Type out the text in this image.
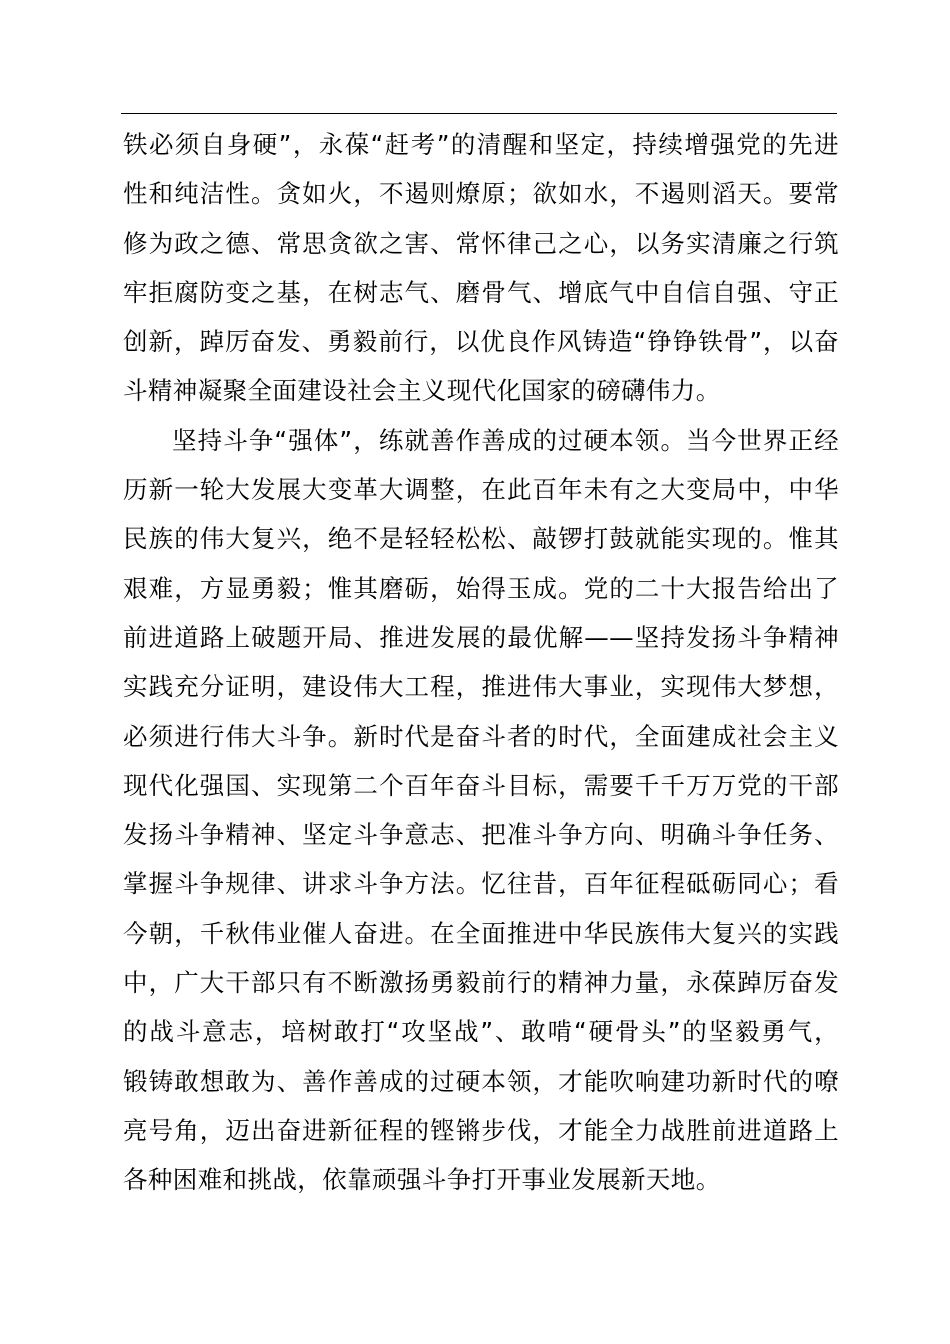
铁必须自身硬”，永葆“赶考”的清醒和坚定，持续增强党的先进
性和纯洁性。贪如火，不遏则燎原；欲如水，不遏则滔天。要常
修为政之德、常思贪欲之害、常怀律己之心，以务实清廉之行筑
牢拒腐防变之基，在树志气、磨骨气、增底气中自信自强、守正
创新，踔厉奋发、勇毅前行，以优良作风铸造“铮铮铁骨”，以奋
斗精神凝聚全面建设社会主义现代化国家的磅礴伟力。
坚持斗争“强体”，练就善作善成的过硬本领。当今世界正经
历新一轮大发展大变革大调整，在此百年未有之大变局中，中华
民族的伟大复兴，绝不是轻轻松松、敲锣打鼓就能实现的。惟其
艰难，方显勇毅；惟其磨砺，始得玉成。党的二十大报告给出了
前进道路上破题开局、推进发展的最优解——坚持发扬斗争精神
实践充分证明，建设伟大工程，推进伟大事业，实现伟大梦想，
必须进行伟大斗争。新时代是奋斗者的时代，全面建成社会主义
现代化强国、实现第二个百年奋斗目标，需要千千万万党的干部
发扬斗争精神、坚定斗争意志、把准斗争方向、明确斗争任务、
掌握斗争规律、讲求斗争方法。忆往昔，百年征程砥砺同心；看
今朝，千秋伟业催人奋进。在全面推进中华民族伟大复兴的实践
中，广大干部只有不断激扬勇毅前行的精神力量，永葆踔厉奋发
的战斗意志，培树敢打“攻坚战”、敢啃“硬骨头”的坚毅勇气，
锻铸敢想敢为、善作善成的过硬本领，才能吹响建功新时代的嘹
亮号角，迈出奋进新征程的铿锵步伐，才能全力战胜前进道路上
各种困难和挑战，依靠顽强斗争打开事业发展新天地。
